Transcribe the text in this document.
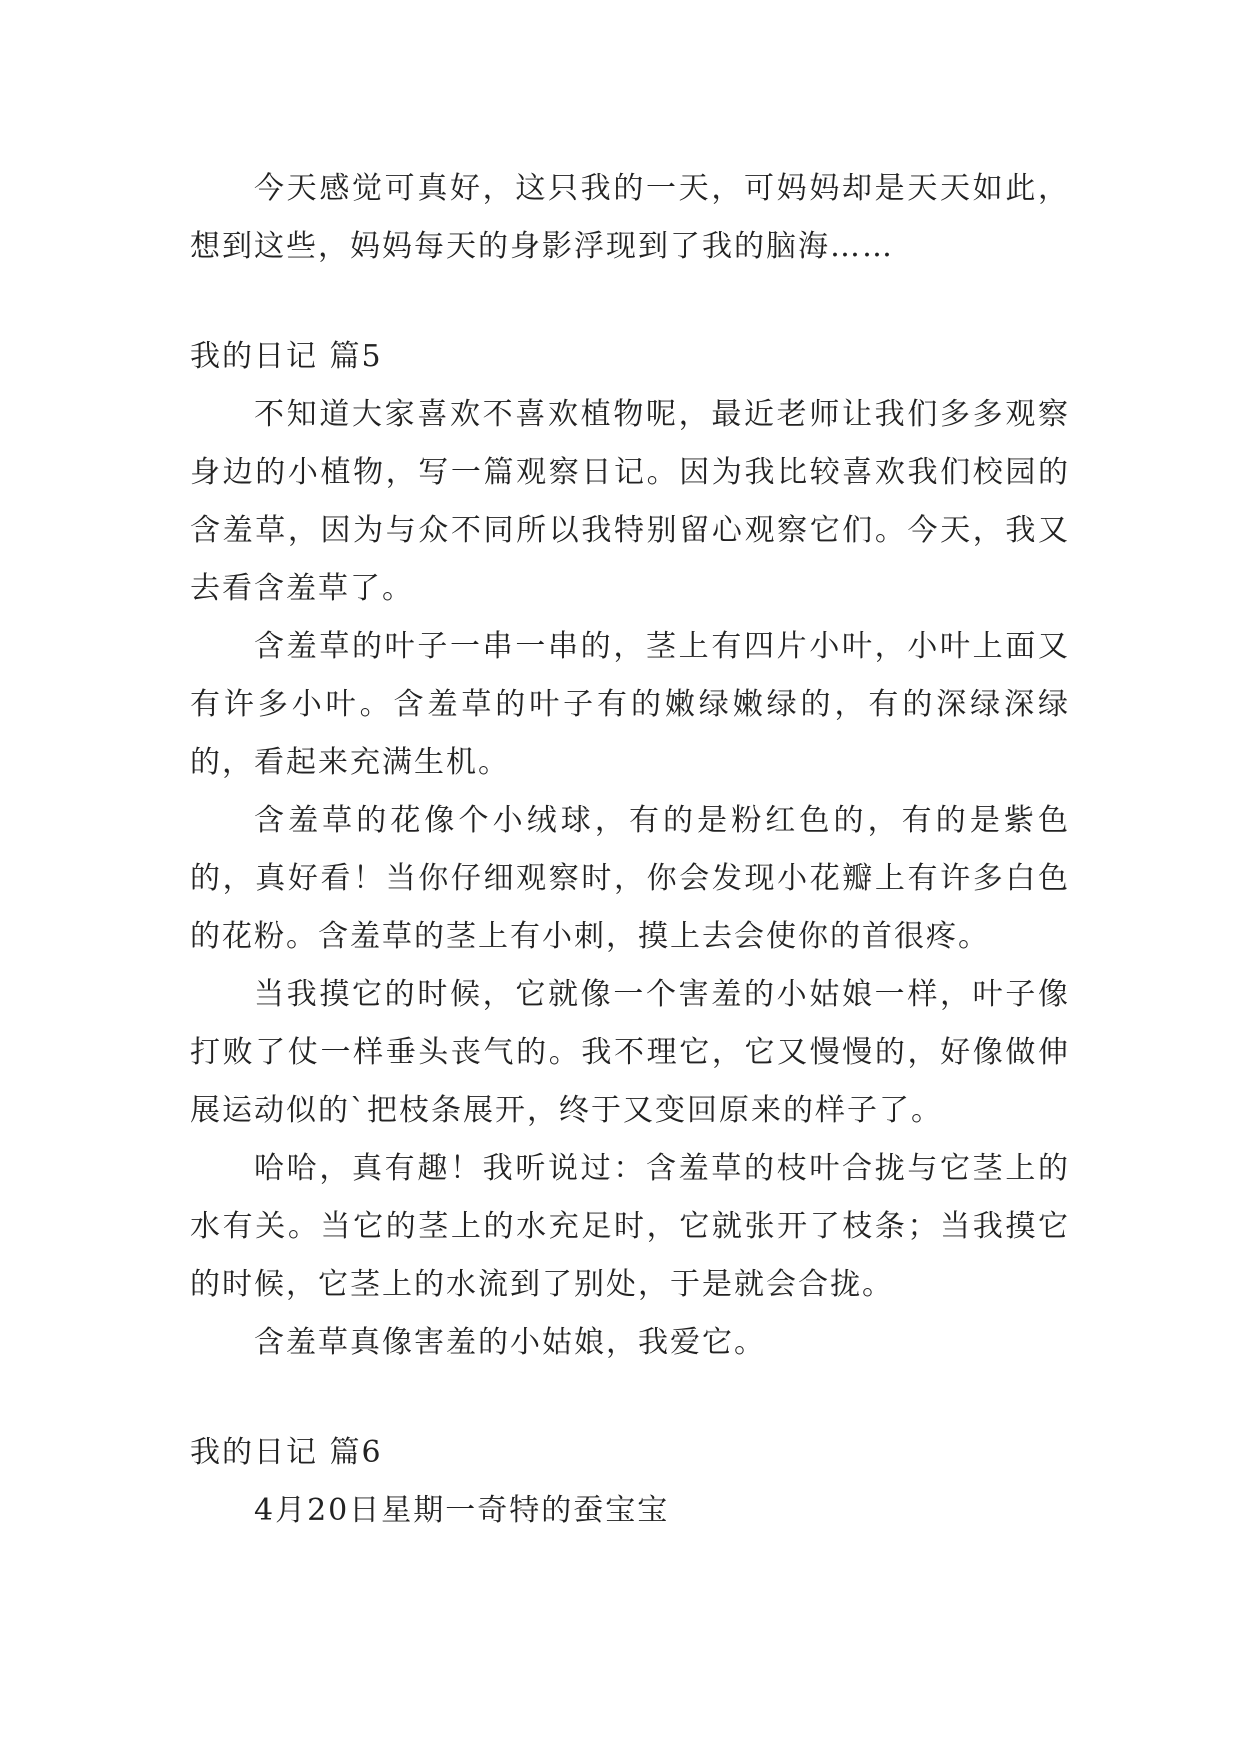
今天感觉可真好，这只我的一天，可妈妈却是天天如此，想到这些，妈妈每天的身影浮现到了我的脑海……

我的日记 篇5

不知道大家喜欢不喜欢植物呢，最近老师让我们多多观察身边的小植物，写一篇观察日记。因为我比较喜欢我们校园的含羞草，因为与众不同所以我特别留心观察它们。今天，我又去看含羞草了。

含羞草的叶子一串一串的，茎上有四片小叶，小叶上面又有许多小叶。含羞草的叶子有的嫩绿嫩绿的，有的深绿深绿的，看起来充满生机。

含羞草的花像个小绒球，有的是粉红色的，有的是紫色的，真好看！当你仔细观察时，你会发现小花瓣上有许多白色的花粉。含羞草的茎上有小刺，摸上去会使你的首很疼。

当我摸它的时候，它就像一个害羞的小姑娘一样，叶子像打败了仗一样垂头丧气的。我不理它，它又慢慢的，好像做伸展运动似的`把枝条展开，终于又变回原来的样子了。

哈哈，真有趣！我听说过：含羞草的枝叶合拢与它茎上的水有关。当它的茎上的水充足时，它就张开了枝条；当我摸它的时候，它茎上的水流到了别处，于是就会合拢。

含羞草真像害羞的小姑娘，我爱它。

我的日记 篇6

4月20日星期一奇特的蚕宝宝
